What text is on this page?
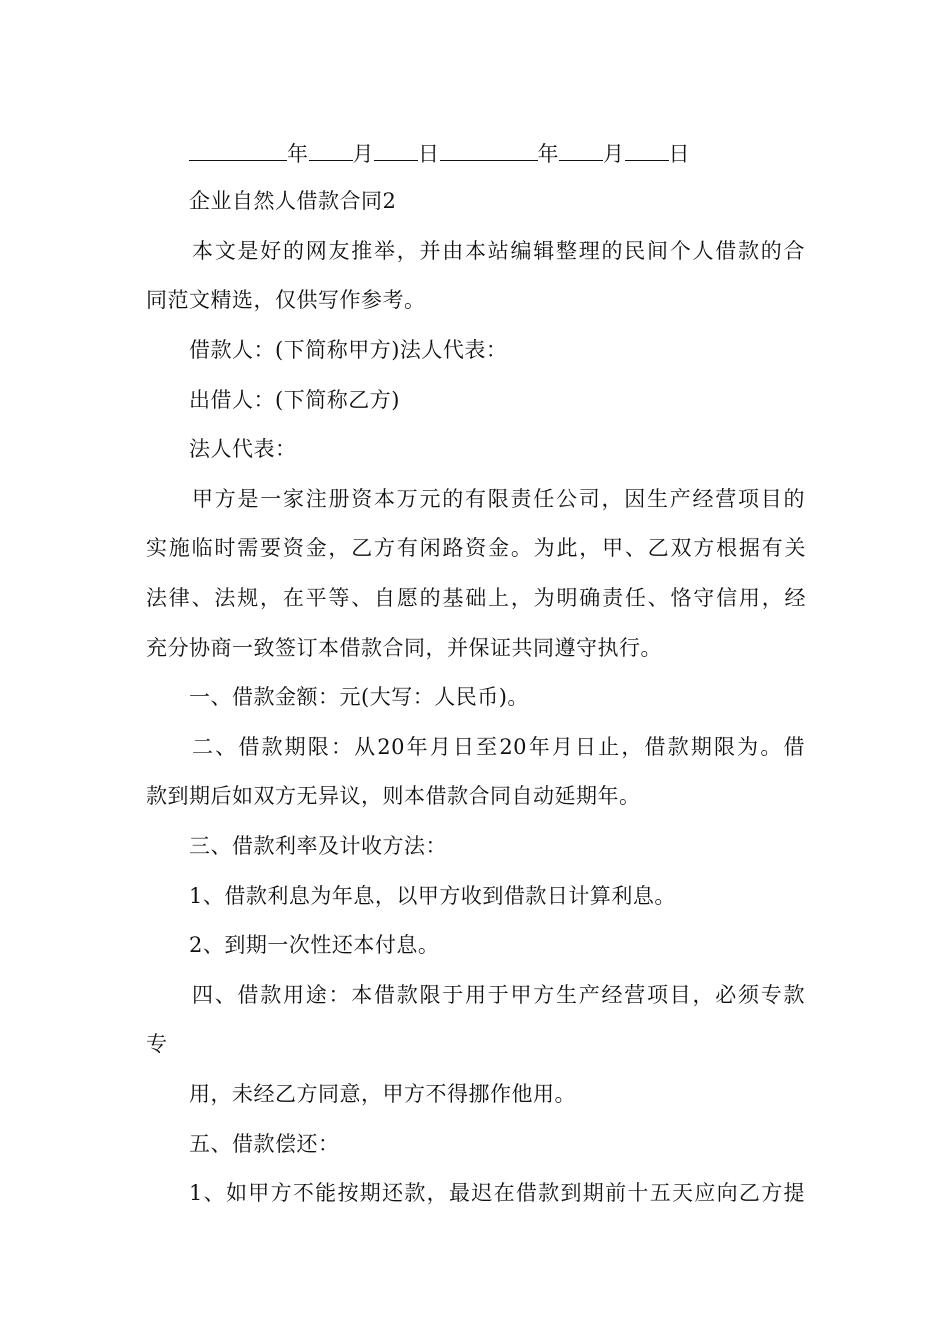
年 月 日	年 月 日
企业自然人借款合同2
本文是好的网友推举，并由本站编辑整理的民间个人借款的合
同范文精选，仅供写作参考。
借款人：(下简称甲方)法人代表：
出借人：(下简称乙方)
法人代表：
甲方是一家注册资本万元的有限责任公司，因生产经营项目的
实施临时需要资金，乙方有闲路资金。为此，甲、乙双方根据有关
法律、法规，在平等、自愿的基础上，为明确责任、恪守信用，经
充分协商一致签订本借款合同，并保证共同遵守执行。
一、借款金额：元(大写：人民币)。
二、借款期限：从20年月日至20年月日止，借款期限为。借
款到期后如双方无异议，则本借款合同自动延期年。
三、借款利率及计收方法：
1、借款利息为年息，以甲方收到借款日计算利息。
2、到期一次性还本付息。
四、借款用途：本借款限于用于甲方生产经营项目，必须专款
专
用，未经乙方同意，甲方不得挪作他用。
五、借款偿还：
1、如甲方不能按期还款，最迟在借款到期前十五天应向乙方提
